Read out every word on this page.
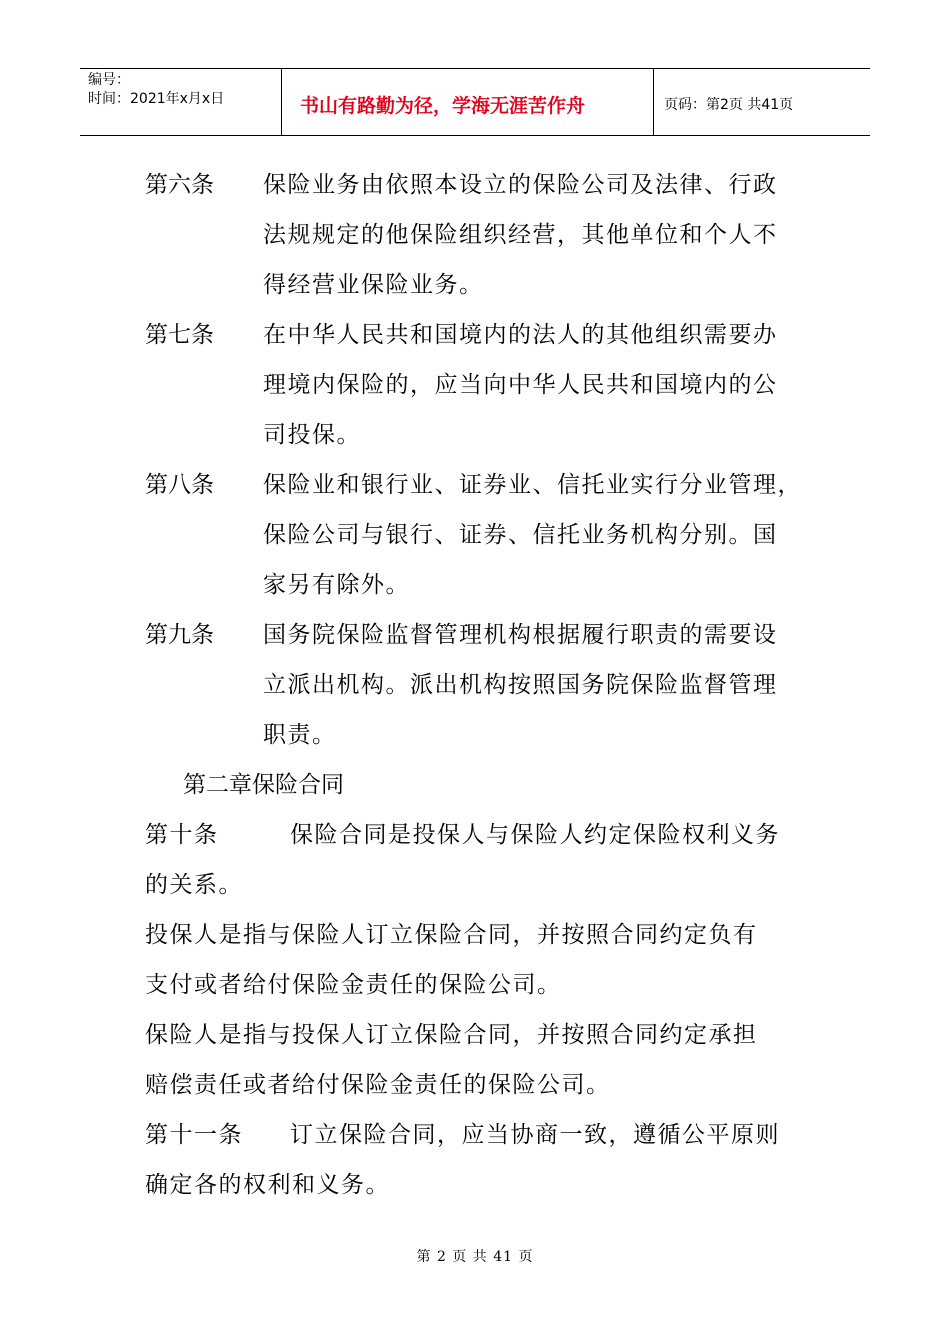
编号：
时间：2021年x月x日	书山有路勤为径，学海无涯苦作舟	页码：第2页 共41页
第六条	保险业务由依照本设立的保险公司及法律、行政
法规规定的他保险组织经营，其他单位和个人不
得经营业保险业务。
第七条	在中华人民共和国境内的法人的其他组织需要办
理境内保险的，应当向中华人民共和国境内的公
司投保。
第八条	保险业和银行业、证券业、信托业实行分业管理，
保险公司与银行、证券、信托业务机构分别。国
家另有除外。
第九条	国务院保险监督管理机构根据履行职责的需要设
立派出机构。派出机构按照国务院保险监督管理
职责。
第二章保险合同
第十条	保险合同是投保人与保险人约定保险权利义务
的关系。
投保人是指与保险人订立保险合同，并按照合同约定负有
支付或者给付保险金责任的保险公司。
保险人是指与投保人订立保险合同，并按照合同约定承担
赔偿责任或者给付保险金责任的保险公司。
第十一条 订立保险合同，应当协商一致，遵循公平原则
确定各的权利和义务。
第 2 页 共 41 页
